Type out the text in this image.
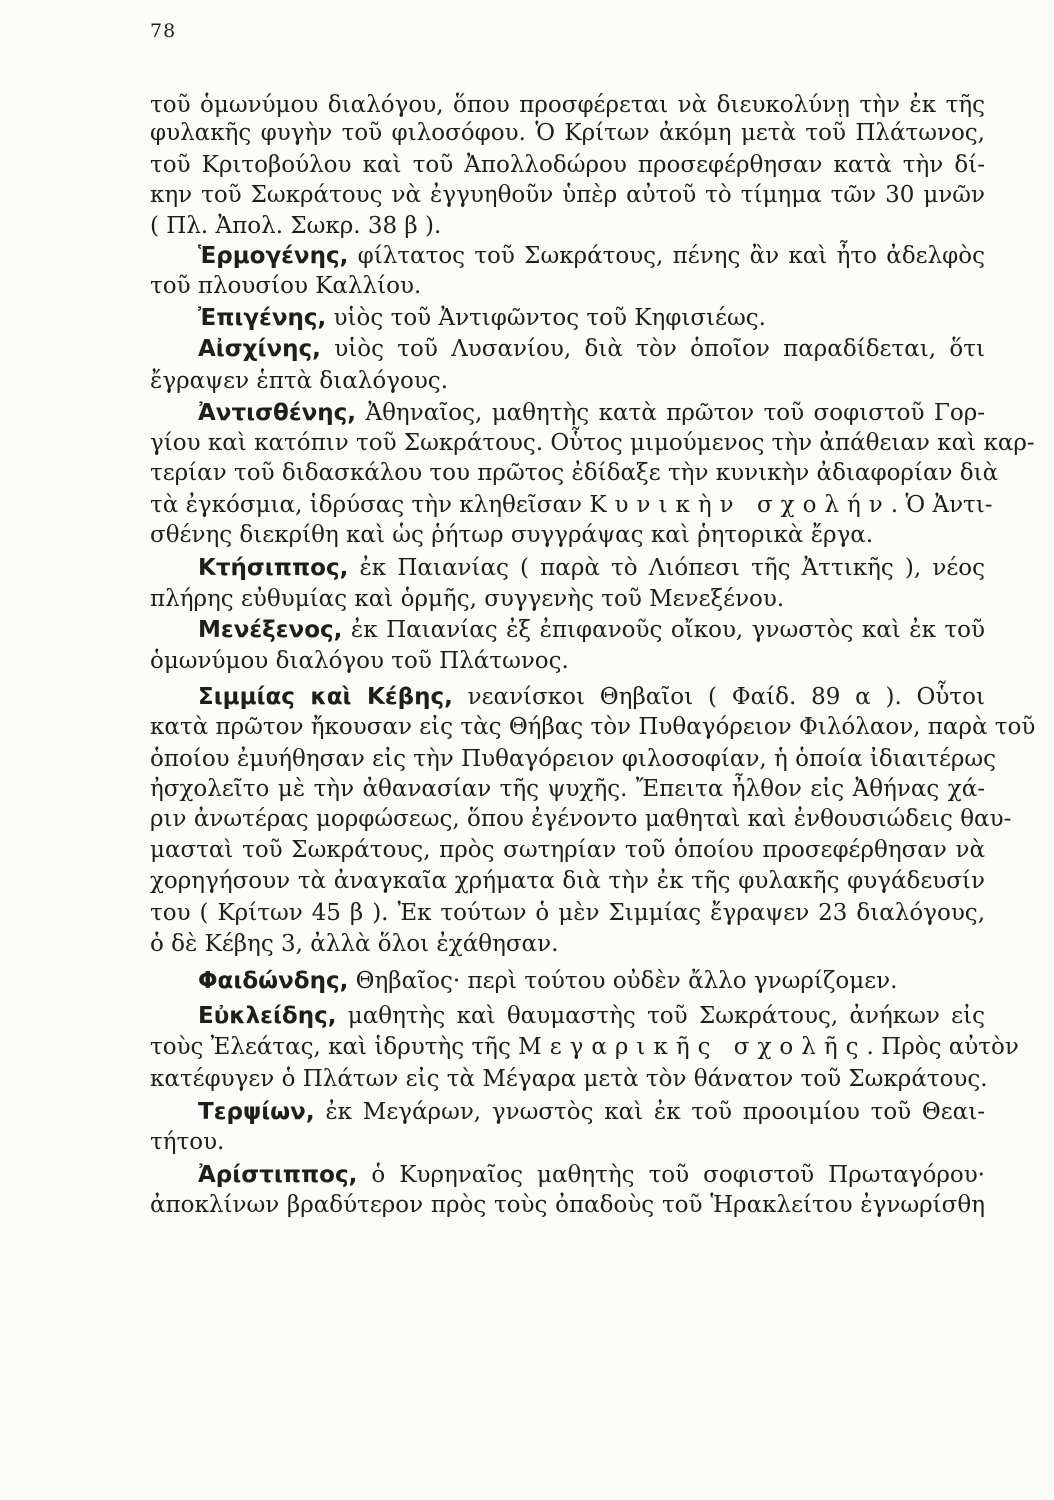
78
τοῦ ὁμωνύμου διαλόγου, ὅπου προσφέρεται νὰ διευκολύνῃ τὴν ἐκ τῆς
φυλακῆς φυγὴν τοῦ φιλοσόφου. Ὁ Κρίτων ἀκόμη μετὰ τοῦ Πλάτωνος,
τοῦ Κριτοβούλου καὶ τοῦ Ἀπολλοδώρου προσεφέρθησαν κατὰ τὴν δί-
κην τοῦ Σωκράτους νὰ ἐγγυηθοῦν ὑπὲρ αὐτοῦ τὸ τίμημα τῶν 30 μνῶν
( Πλ. Ἀπολ. Σωκρ. 38 β ).
Ἑρμογένης, φίλτατος τοῦ Σωκράτους, πένης ἂν καὶ ἦτο ἀδελφὸς
τοῦ πλουσίου Καλλίου.
Ἐπιγένης, υἱὸς τοῦ Ἀντιφῶντος τοῦ Κηφισιέως.
Αἰσχίνης, υἱὸς τοῦ Λυσανίου, διὰ τὸν ὁποῖον παραδίδεται, ὅτι
ἔγραψεν ἑπτὰ διαλόγους.
Ἀντισθένης, Ἀθηναῖος, μαθητὴς κατὰ πρῶτον τοῦ σοφιστοῦ Γορ-
γίου καὶ κατόπιν τοῦ Σωκράτους. Οὗτος μιμούμενος τὴν ἀπάθειαν καὶ καρ-
τερίαν τοῦ διδασκάλου του πρῶτος ἐδίδαξε τὴν κυνικὴν ἀδιαφορίαν διὰ
τὰ ἐγκόσμια, ἱδρύσας τὴν κληθεῖσαν Κυνικὴν σχολήν. Ὁ Ἀντι-
σθένης διεκρίθη καὶ ὡς ῥήτωρ συγγράψας καὶ ῥητορικὰ ἔργα.
Κτήσιππος, ἐκ Παιανίας ( παρὰ τὸ Λιόπεσι τῆς Ἀττικῆς ), νέος
πλήρης εὐθυμίας καὶ ὁρμῆς, συγγενὴς τοῦ Μενεξένου.
Μενέξενος, ἐκ Παιανίας ἐξ ἐπιφανοῦς οἴκου, γνωστὸς καὶ ἐκ τοῦ
ὁμωνύμου διαλόγου τοῦ Πλάτωνος.
Σιμμίας καὶ Κέβης, νεανίσκοι Θηβαῖοι ( Φαίδ. 89 α ). Οὗτοι
κατὰ πρῶτον ἤκουσαν εἰς τὰς Θήβας τὸν Πυθαγόρειον Φιλόλαον, παρὰ τοῦ
ὁποίου ἐμυήθησαν εἰς τὴν Πυθαγόρειον φιλοσοφίαν, ἡ ὁποία ἰδιαιτέρως
ἠσχολεῖτο μὲ τὴν ἀθανασίαν τῆς ψυχῆς. Ἔπειτα ἦλθον εἰς Ἀθήνας χά-
ριν ἀνωτέρας μορφώσεως, ὅπου ἐγένοντο μαθηταὶ καὶ ἐνθουσιώδεις θαυ-
μασταὶ τοῦ Σωκράτους, πρὸς σωτηρίαν τοῦ ὁποίου προσεφέρθησαν νὰ
χορηγήσουν τὰ ἀναγκαῖα χρήματα διὰ τὴν ἐκ τῆς φυλακῆς φυγάδευσίν
του ( Κρίτων 45 β ). Ἐκ τούτων ὁ μὲν Σιμμίας ἔγραψεν 23 διαλόγους,
ὁ δὲ Κέβης 3, ἀλλὰ ὅλοι ἐχάθησαν.
Φαιδώνδης, Θηβαῖος· περὶ τούτου οὐδὲν ἄλλο γνωρίζομεν.
Εὐκλείδης, μαθητὴς καὶ θαυμαστὴς τοῦ Σωκράτους, ἀνήκων εἰς
τοὺς Ἐλεάτας, καὶ ἱδρυτὴς τῆς Μεγαρικῆς σχολῆς. Πρὸς αὐτὸν
κατέφυγεν ὁ Πλάτων εἰς τὰ Μέγαρα μετὰ τὸν θάνατον τοῦ Σωκράτους.
Τερψίων, ἐκ Μεγάρων, γνωστὸς καὶ ἐκ τοῦ προοιμίου τοῦ Θεαι-
τήτου.
Ἀρίστιππος, ὁ Κυρηναῖος μαθητὴς τοῦ σοφιστοῦ Πρωταγόρου·
ἀποκλίνων βραδύτερον πρὸς τοὺς ὀπαδοὺς τοῦ Ἡρακλείτου ἐγνωρίσθη
